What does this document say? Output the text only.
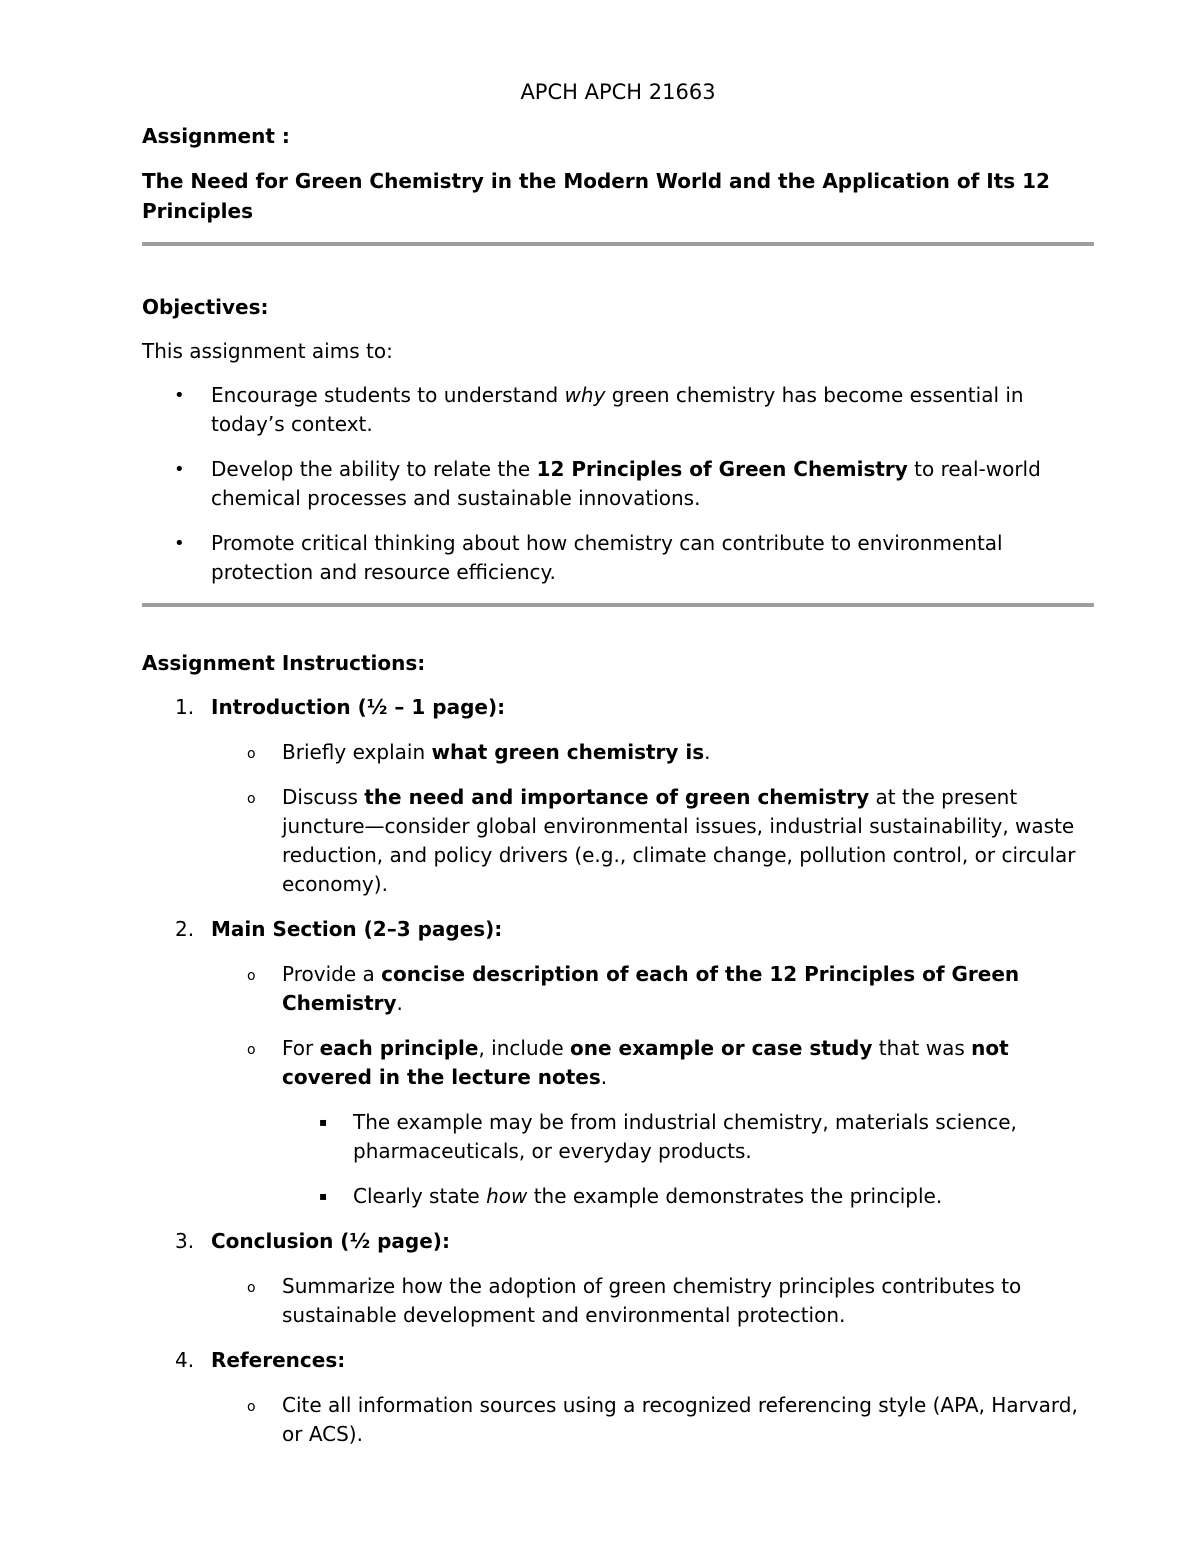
APCH APCH 21663

Assignment :

The Need for Green Chemistry in the Modern World and the Application of Its 12 Principles

Objectives:

This assignment aims to:

• Encourage students to understand why green chemistry has become essential in today’s context.
• Develop the ability to relate the 12 Principles of Green Chemistry to real-world chemical processes and sustainable innovations.
• Promote critical thinking about how chemistry can contribute to environmental protection and resource efficiency.

Assignment Instructions:

1. Introduction (½ – 1 page):
o Briefly explain what green chemistry is.
o Discuss the need and importance of green chemistry at the present juncture—consider global environmental issues, industrial sustainability, waste reduction, and policy drivers (e.g., climate change, pollution control, or circular economy).
2. Main Section (2–3 pages):
o Provide a concise description of each of the 12 Principles of Green Chemistry.
o For each principle, include one example or case study that was not covered in the lecture notes.
▪ The example may be from industrial chemistry, materials science, pharmaceuticals, or everyday products.
▪ Clearly state how the example demonstrates the principle.
3. Conclusion (½ page):
o Summarize how the adoption of green chemistry principles contributes to sustainable development and environmental protection.
4. References:
o Cite all information sources using a recognized referencing style (APA, Harvard, or ACS).
